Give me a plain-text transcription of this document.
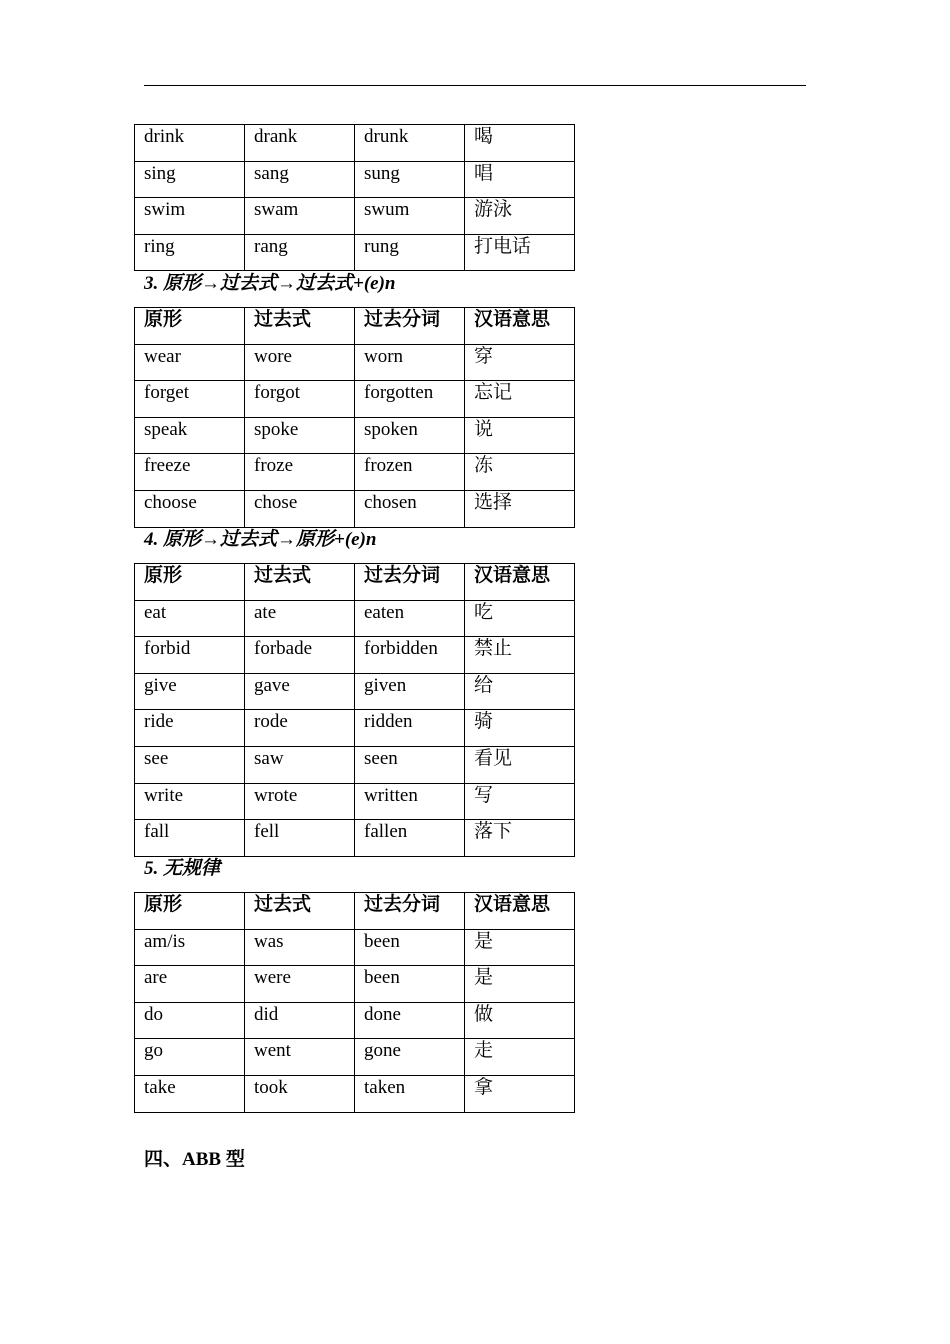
drink	drank	drunk	喝
sing	sang	sung	唱
swim	swam	swum	游泳
ring	rang	rung	打电话
3. 原形→过去式→过去式+(e)n
原形	过去式	过去分词	汉语意思
wear	wore	worn	穿
forget	forgot	forgotten	忘记
speak	spoke	spoken	说
freeze	froze	frozen	冻
choose	chose	chosen	选择
4. 原形→过去式→原形+(e)n
原形	过去式	过去分词	汉语意思
eat	ate	eaten	吃
forbid	forbade	forbidden	禁止
give	gave	given	给
ride	rode	ridden	骑
see	saw	seen	看见
write	wrote	written	写
fall	fell	fallen	落下
5. 无规律
原形	过去式	过去分词	汉语意思
am/is	was	been	是
are	were	been	是
do	did	done	做
go	went	gone	走
take	took	taken	拿
四、ABB 型
